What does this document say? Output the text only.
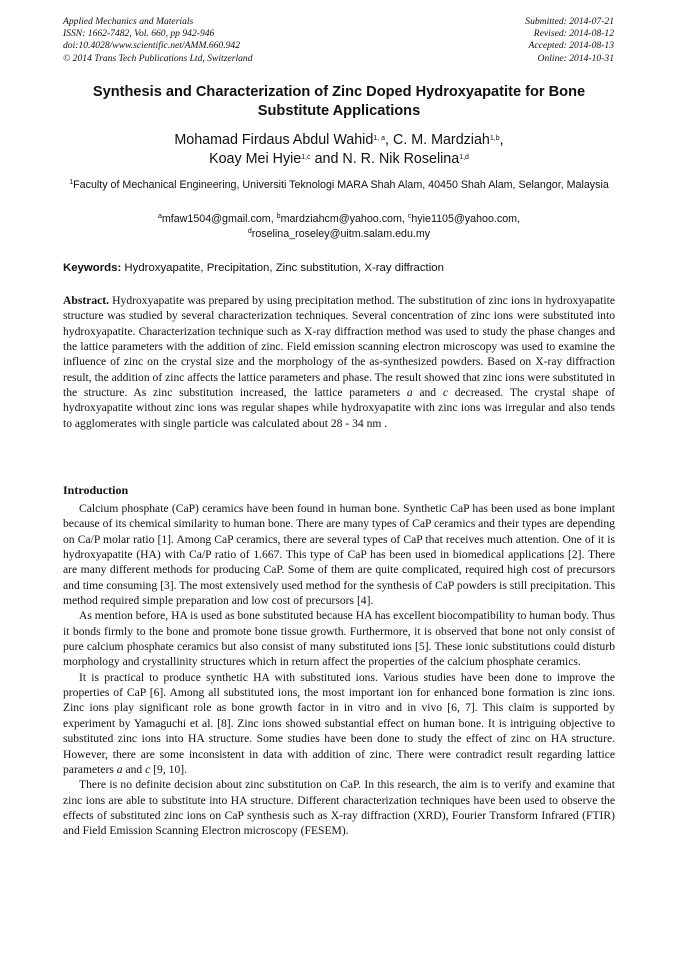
Applied Mechanics and Materials
ISSN: 1662-7482, Vol. 660, pp 942-946
doi:10.4028/www.scientific.net/AMM.660.942
© 2014 Trans Tech Publications Ltd, Switzerland
Submitted: 2014-07-21
Revised: 2014-08-12
Accepted: 2014-08-13
Online: 2014-10-31
Synthesis and Characterization of Zinc Doped Hydroxyapatite for Bone
Substitute Applications
Mohamad Firdaus Abdul Wahid$^{1, a}$, C. M. Mardziah$^{1,b}$,
Koay Mei Hyie$^{1,c}$ and N. R. Nik Roselina$^{1,d}$
$^1$Faculty of Mechanical Engineering, Universiti Teknologi MARA Shah Alam, 40450 Shah Alam, Selangor, Malaysia
$^a$mfaw1504@gmail.com, $^b$mardziahcm@yahoo.com, $^c$hyie1105@yahoo.com,
$^d$roselina_roseley@uitm.salam.edu.my
Keywords: Hydroxyapatite, Precipitation, Zinc substitution, X-ray diffraction

Abstract. Hydroxyapatite was prepared by using precipitation method. The substitution of zinc ions in hydroxyapatite structure was studied by several characterization techniques. Several concentration of zinc ions were substituted into hydroxyapatite. Characterization technique such as X-ray diffraction method was used to study the phase changes and the lattice parameters with the addition of zinc. Field emission scanning electron microscopy was used to examine the influence of zinc on the crystal size and the morphology of the as-synthesized powders. Based on X-ray diffraction result, the addition of zinc affects the lattice parameters and phase. The result showed that zinc ions were substituted in the structure. As zinc substitution increased, the lattice parameters a and c decreased. The crystal shape of hydroxyapatite without zinc ions was regular shapes while hydroxyapatite with zinc ions was irregular and also tends to agglomerates with single particle was calculated about 28 - 34 nm .

Introduction

Calcium phosphate (CaP) ceramics have been found in human bone. Synthetic CaP has been used as bone implant because of its chemical similarity to human bone. There are many types of CaP ceramics and their types are depending on Ca/P molar ratio [1]. Among CaP ceramics, there are several types of CaP that receives much attention. One of it is hydroxyapatite (HA) with Ca/P ratio of 1.667. This type of CaP has been used in biomedical applications [2]. There are many different methods for producing CaP. Some of them are quite complicated, required high cost of precursors and time consuming [3]. The most extensively used method for the synthesis of CaP powders is still precipitation. This method required simple preparation and low cost of precursors [4].

As mention before, HA is used as bone substituted because HA has excellent biocompatibility to human body. Thus it bonds firmly to the bone and promote bone tissue growth. Furthermore, it is observed that bone not only consist of pure calcium phosphate ceramics but also consist of many substituted ions [5]. These ionic substitutions could disturb morphology and crystallinity structures which in return affect the properties of the calcium phosphate ceramics.

It is practical to produce synthetic HA with substituted ions. Various studies have been done to improve the properties of CaP [6]. Among all substituted ions, the most important ion for enhanced bone formation is zinc ions. Zinc ions play significant role as bone growth factor in in vitro and in vivo [6, 7]. This claim is supported by experiment by Yamaguchi et al. [8]. Zinc ions showed substantial effect on human bone. It is intriguing objective to substituted zinc ions into HA structure. Some studies have been done to study the effect of zinc on HA structure. However, there are some inconsistent in data with addition of zinc. There were contradict result regarding lattice parameters a and c [9, 10].

There is no definite decision about zinc substitution on CaP. In this research, the aim is to verify and examine that zinc ions are able to substitute into HA structure. Different characterization techniques have been used to observe the effects of substituted zinc ions on CaP synthesis such as X-ray diffraction (XRD), Fourier Transform Infrared (FTIR) and Field Emission Scanning Electron microscopy (FESEM).
